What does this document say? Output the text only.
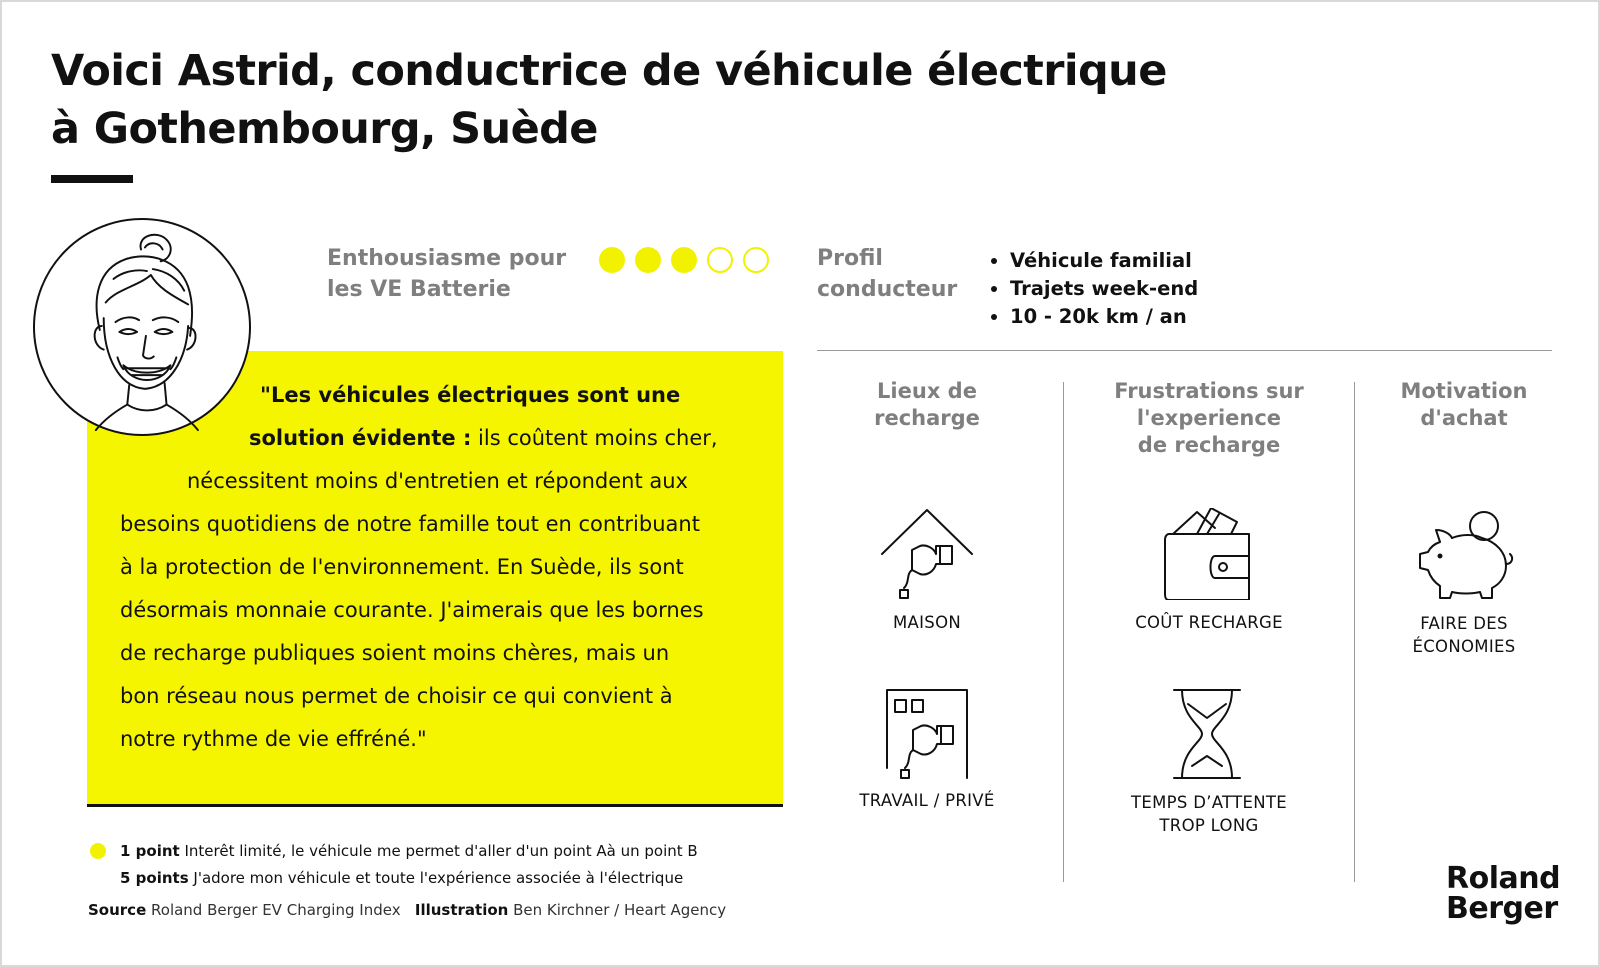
Voici Astrid, conductrice de véhicule électrique
à Gothembourg, Suède
Enthousiasme pour
les VE Batterie
"Les véhicules électriques sont une
solution évidente : ils coûtent moins cher,
nécessitent moins d'entretien et répondent aux
besoins quotidiens de notre famille tout en contribuant
à la protection de l'environnement. En Suède, ils sont
désormais monnaie courante. J'aimerais que les bornes
de recharge publiques soient moins chères, mais un
bon réseau nous permet de choisir ce qui convient à
notre rythme de vie effréné."
1 point Interêt limité, le véhicule me permet d'aller d'un point Aà un point B
5 points J'adore mon véhicule et toute l'expérience associée à l'électrique
Source Roland Berger EV Charging Index Illustration Ben Kirchner / Heart Agency
Profil
conducteur
• Véhicule familial
• Trajets week-end
• 10 - 20k km / an
Lieux de
recharge
MAISON
TRAVAIL / PRIVÉ
Frustrations sur
l'experience
de recharge
COÛT RECHARGE
TEMPS D’ATTENTE
TROP LONG
Motivation
d'achat
FAIRE DES
ÉCONOMIES
Roland
Berger
